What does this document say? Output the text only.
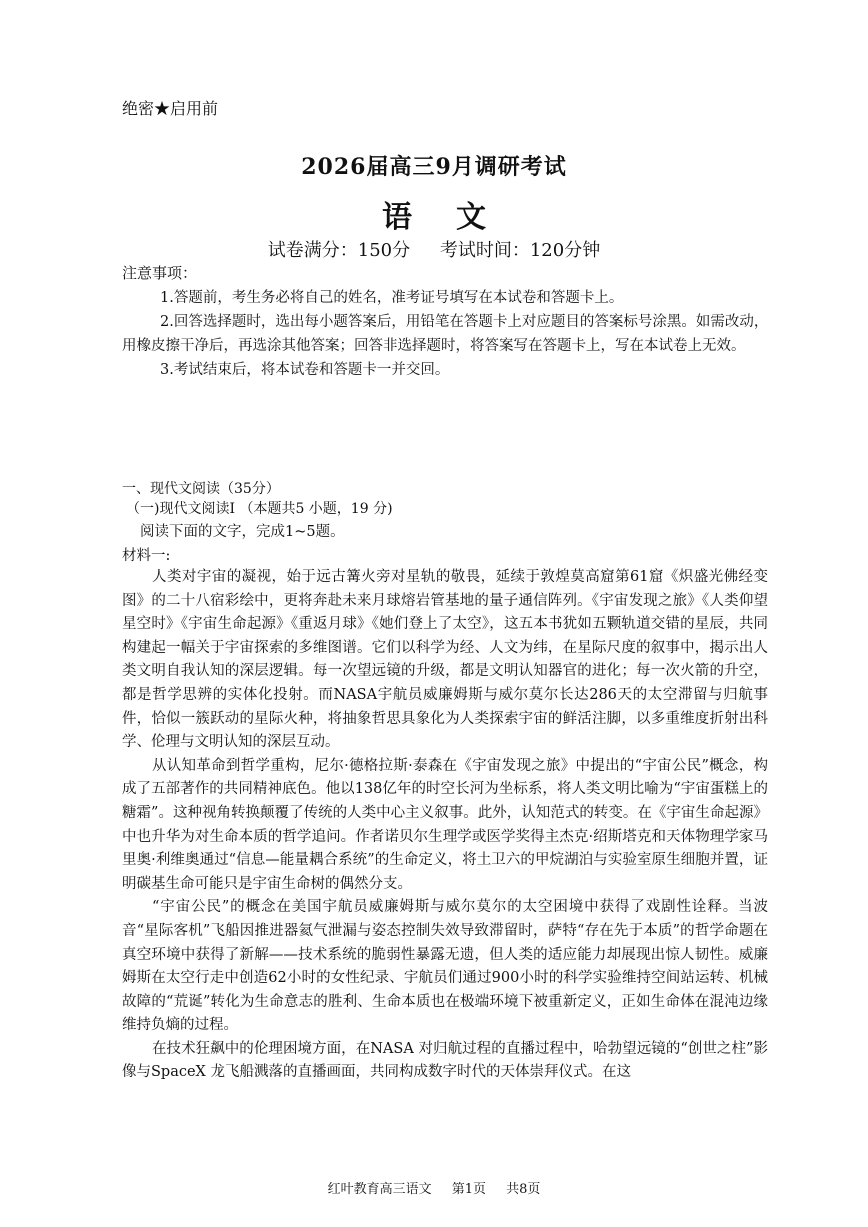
绝密★启用前
2026届高三9月调研考试
语文
试卷满分：150分 考试时间：120分钟
注意事项：

1.答题前，考生务必将自己的姓名，准考证号填写在本试卷和答题卡上。

2.回答选择题时，选出每小题答案后，用铅笔在答题卡上对应题目的答案标号涂黑。如需改动，用橡皮擦干净后，再选涂其他答案；回答非选择题时，将答案写在答题卡上，写在本试卷上无效。

3.考试结束后，将本试卷和答题卡一并交回。

一、现代文阅读（35分）
（一)现代文阅读Ⅰ （本题共5 小题，19 分)
阅读下面的文字，完成1~5题。
材料一:

人类对宇宙的凝视，始于远古篝火旁对星轨的敬畏，延续于敦煌莫高窟第61窟《炽盛光佛经变图》的二十八宿彩绘中，更将奔赴未来月球熔岩管基地的量子通信阵列。《宇宙发现之旅》《人类仰望星空时》《宇宙生命起源》《重返月球》《她们登上了太空》，这五本书犹如五颗轨道交错的星辰，共同构建起一幅关于宇宙探索的多维图谱。它们以科学为经、人文为纬，在星际尺度的叙事中，揭示出人类文明自我认知的深层逻辑。每一次望远镜的升级，都是文明认知器官的进化；每一次火箭的升空，都是哲学思辨的实体化投射。而NASA宇航员威廉姆斯与威尔莫尔长达286天的太空滞留与归航事件，恰似一簇跃动的星际火种，将抽象哲思具象化为人类探索宇宙的鲜活注脚，以多重维度折射出科学、伦理与文明认知的深层互动。

从认知革命到哲学重构，尼尔·德格拉斯·泰森在《宇宙发现之旅》中提出的“宇宙公民”概念，构成了五部著作的共同精神底色。他以138亿年的时空长河为坐标系，将人类文明比喻为“宇宙蛋糕上的糖霜”。这种视角转换颠覆了传统的人类中心主义叙事。此外，认知范式的转变。在《宇宙生命起源》中也升华为对生命本质的哲学追问。作者诺贝尔生理学或医学奖得主杰克·绍斯塔克和天体物理学家马里奥·利维奥通过“信息—能量耦合系统”的生命定义，将土卫六的甲烷湖泊与实验室原生细胞并置，证明碳基生命可能只是宇宙生命树的偶然分支。

“宇宙公民”的概念在美国宇航员威廉姆斯与威尔莫尔的太空困境中获得了戏剧性诠释。当波音“星际客机”飞船因推进器氦气泄漏与姿态控制失效导致滞留时，萨特“存在先于本质”的哲学命题在真空环境中获得了新解——技术系统的脆弱性暴露无遗，但人类的适应能力却展现出惊人韧性。威廉姆斯在太空行走中创造62小时的女性纪录、宇航员们通过900小时的科学实验维持空间站运转、机械故障的“荒诞”转化为生命意志的胜利、生命本质也在极端环境下被重新定义，正如生命体在混沌边缘维持负熵的过程。

在技术狂飙中的伦理困境方面，在NASA 对归航过程的直播过程中，哈勃望远镜的“创世之柱”影像与SpaceX 龙飞船溅落的直播画面，共同构成数字时代的天体崇拜仪式。在这

红叶教育高三语文 第1页 共8页
